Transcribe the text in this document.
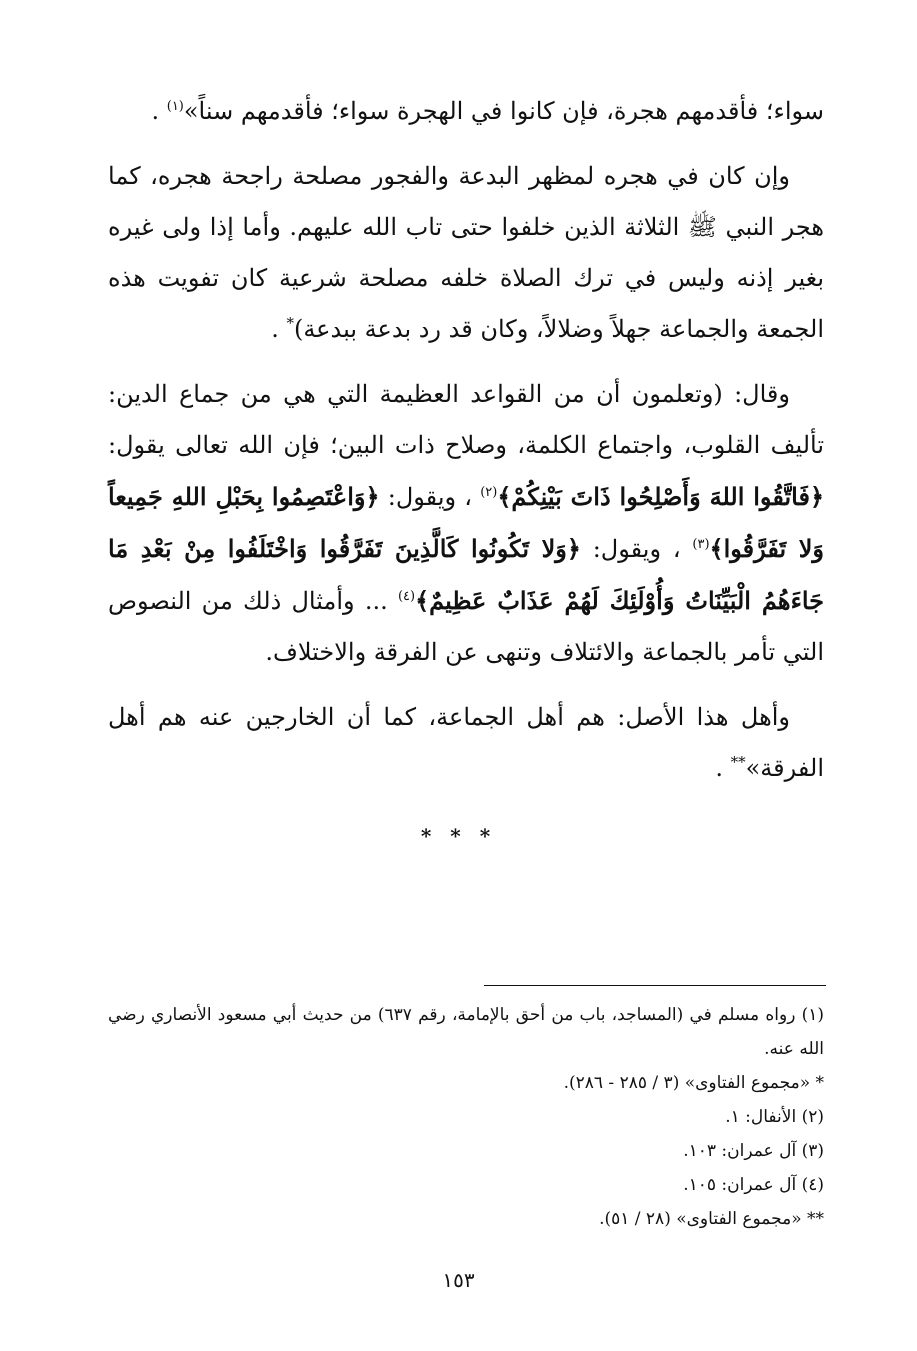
سواء؛ فأقدمهم هجرة، فإن كانوا في الهجرة سواء؛ فأقدمهم سناً»$^{(١)}$ .

وإن كان في هجره لمظهر البدعة والفجور مصلحة راجحة هجره، كما هجر النبي ﷺ الثلاثة الذين خلفوا حتى تاب الله عليهم. وأما إذا ولى غيره بغير إذنه وليس في ترك الصلاة خلفه مصلحة شرعية كان تفويت هذه الجمعة والجماعة جهلاً وضلالاً، وكان قد رد بدعة ببدعة)* .

وقال: (وتعلمون أن من القواعد العظيمة التي هي من جماع الدين: تأليف القلوب، واجتماع الكلمة، وصلاح ذات البين؛ فإن الله تعالى يقول: ﴿فَاتَّقُوا اللهَ وَأَصْلِحُوا ذَاتَ بَيْنِكُمْ﴾$^{(٢)}$ ، ويقول: ﴿وَاعْتَصِمُوا بِحَبْلِ اللهِ جَمِيعاً وَلا تَفَرَّقُوا﴾$^{(٣)}$ ، ويقول: ﴿وَلا تَكُونُوا كَالَّذِينَ تَفَرَّقُوا وَاخْتَلَفُوا مِنْ بَعْدِ مَا جَاءَهُمُ الْبَيِّنَاتُ وَأُوْلَئِكَ لَهُمْ عَذَابٌ عَظِيمٌ﴾$^{(٤)}$ ... وأمثال ذلك من النصوص التي تأمر بالجماعة والائتلاف وتنهى عن الفرقة والاختلاف.

وأهل هذا الأصل: هم أهل الجماعة، كما أن الخارجين عنه هم أهل الفرقة»** .

* * *

(١) رواه مسلم في (المساجد، باب من أحق بالإمامة، رقم ٦٣٧) من حديث أبي مسعود الأنصاري رضي الله عنه.

* «مجموع الفتاوى» (٣ / ٢٨٥ - ٢٨٦).

(٢) الأنفال: ١.

(٣) آل عمران: ١٠٣.

(٤) آل عمران: ١٠٥.

** «مجموع الفتاوى» (٢٨ / ٥١).

١٥٣
